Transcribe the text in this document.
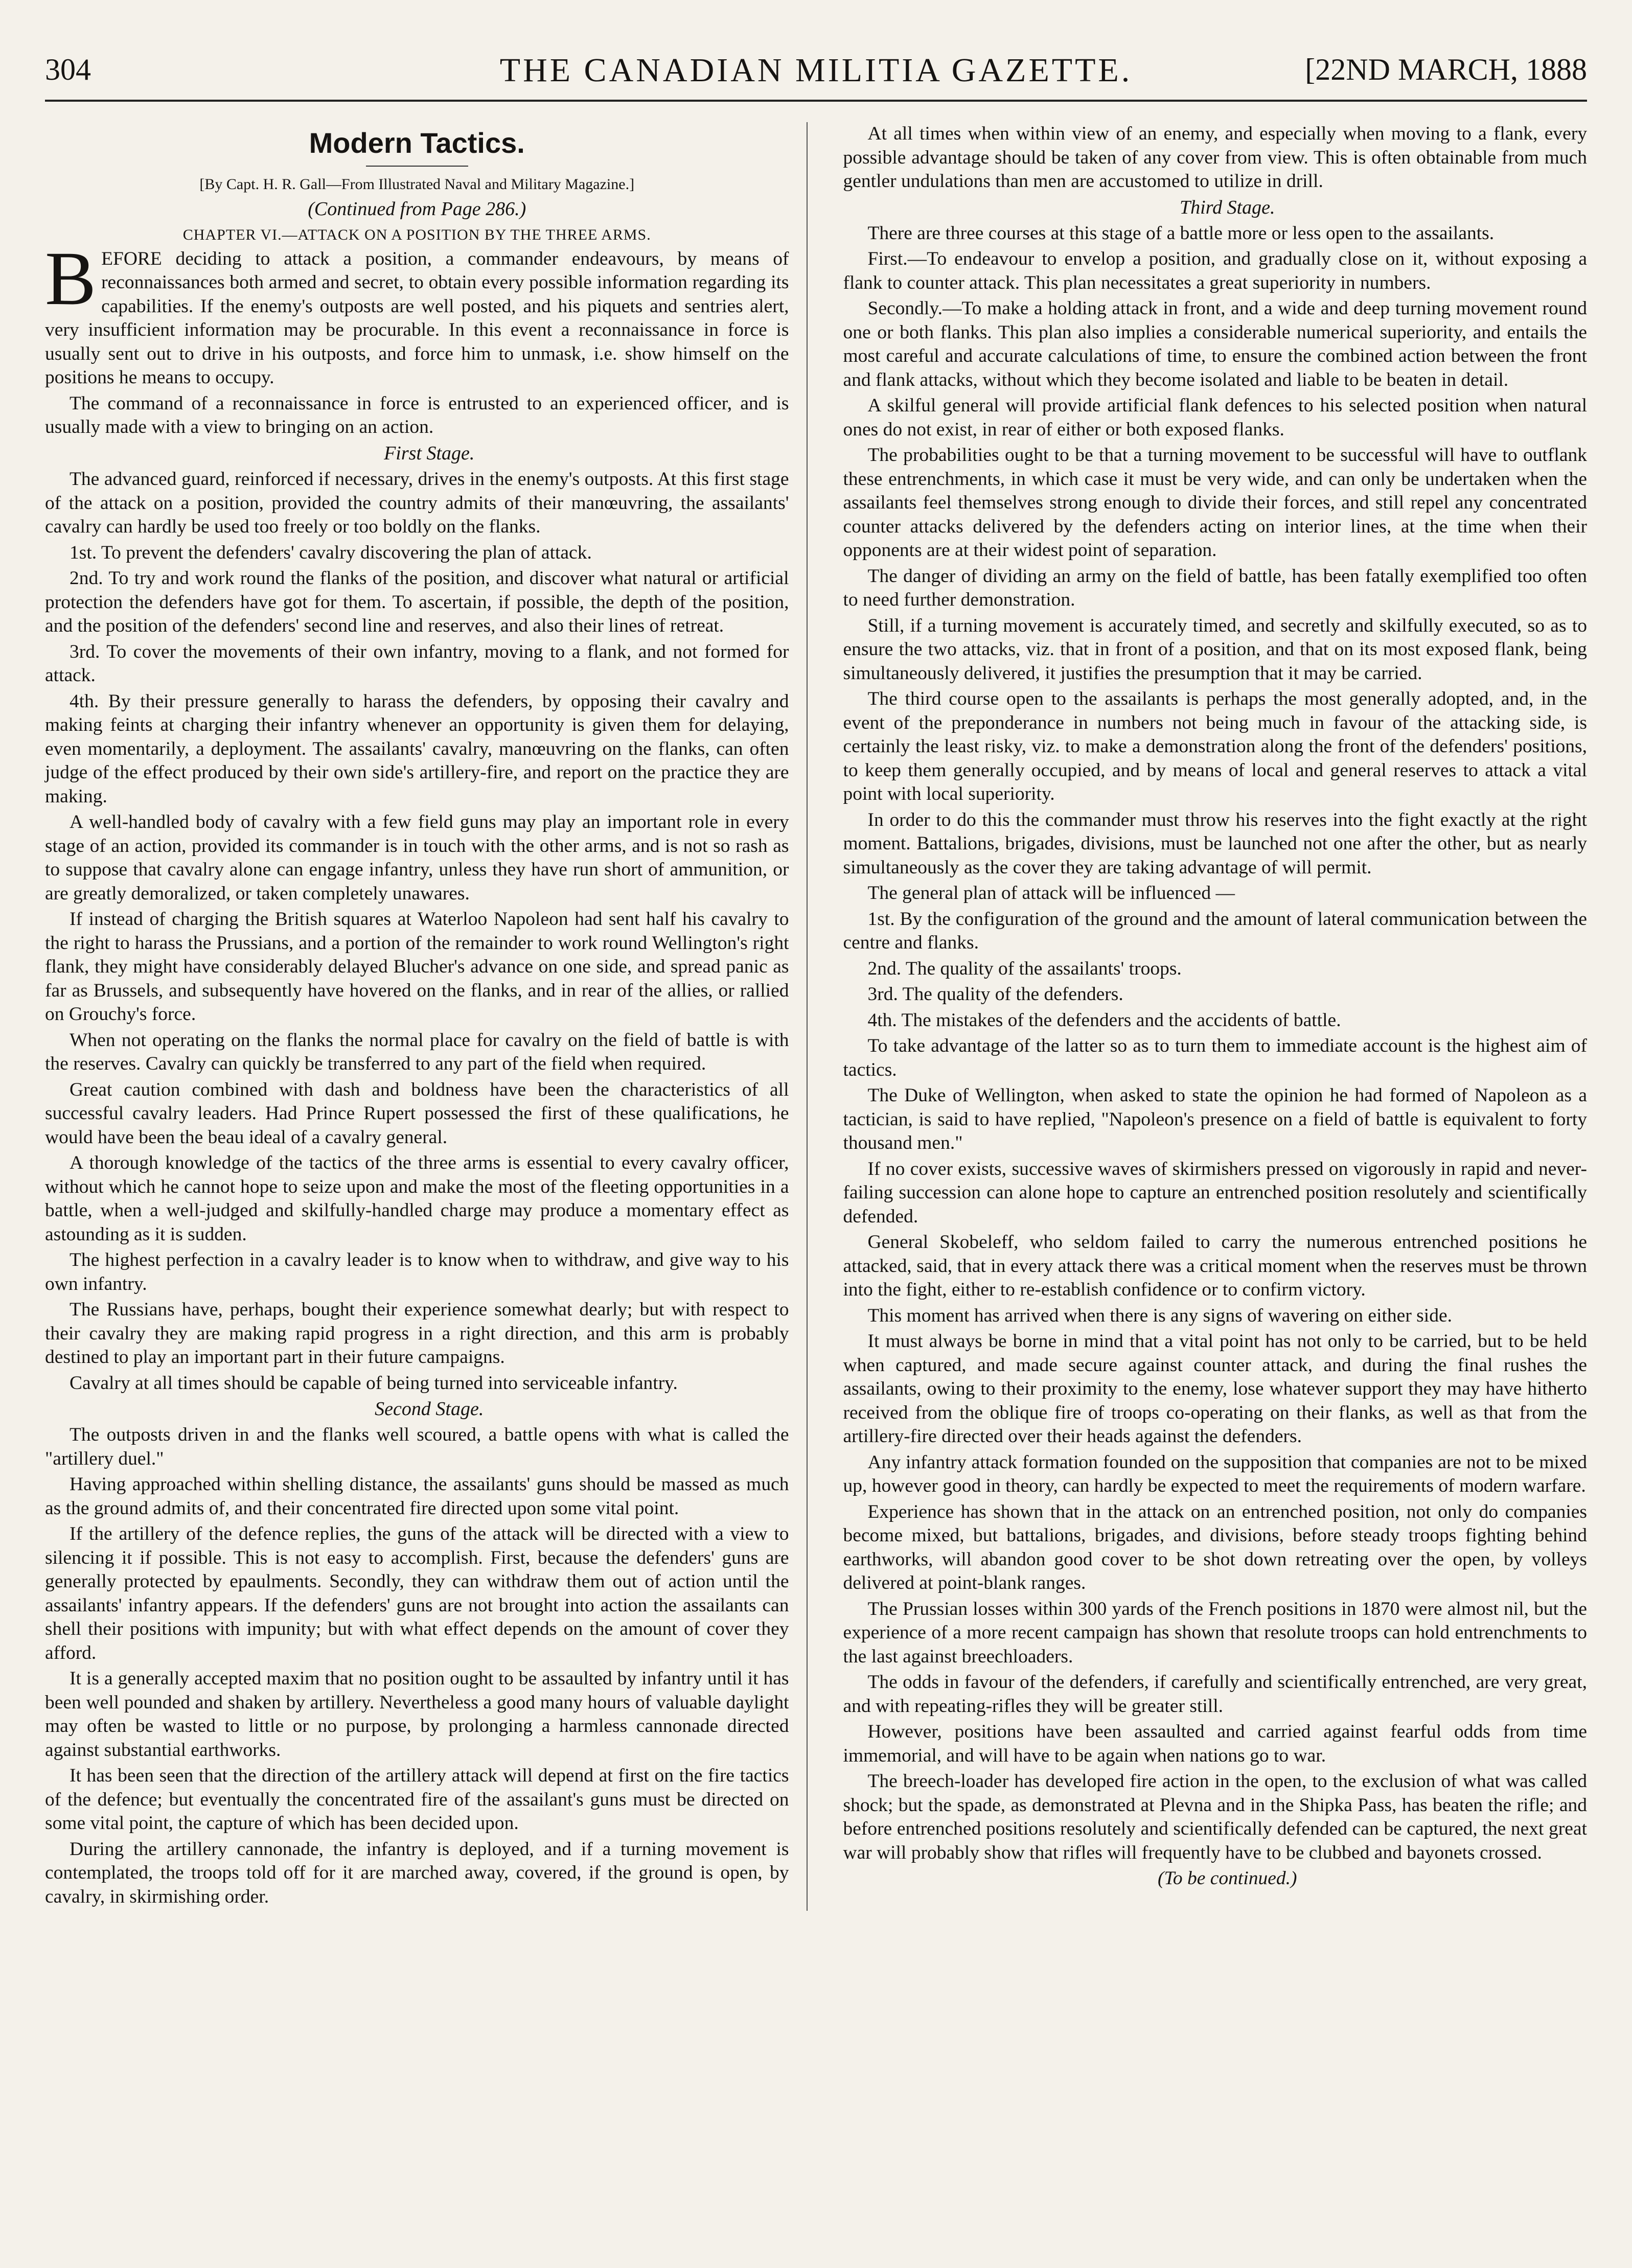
304	THE CANADIAN MILITIA GAZETTE.	[22ND MARCH, 1888
Modern Tactics.
[By Capt. H. R. Gall—From Illustrated Naval and Military Magazine.]
(Continued from Page 286.)
CHAPTER VI.—ATTACK ON A POSITION BY THE THREE ARMS.

BEFORE deciding to attack a position, a commander endeavours, by means of reconnaissances both armed and secret, to obtain every possible information regarding its capabilities. If the enemy's outposts are well posted, and his piquets and sentries alert, very insufficient information may be procurable. In this event a reconnaissance in force is usually sent out to drive in his outposts, and force him to unmask, i.e. show himself on the positions he means to occupy.

The command of a reconnaissance in force is entrusted to an experienced officer, and is usually made with a view to bringing on an action.

First Stage.

The advanced guard, reinforced if necessary, drives in the enemy's outposts. At this first stage of the attack on a position, provided the country admits of their manœuvring, the assailants' cavalry can hardly be used too freely or too boldly on the flanks.

1st. To prevent the defenders' cavalry discovering the plan of attack.

2nd. To try and work round the flanks of the position, and discover what natural or artificial protection the defenders have got for them. To ascertain, if possible, the depth of the position, and the position of the defenders' second line and reserves, and also their lines of retreat.

3rd. To cover the movements of their own infantry, moving to a flank, and not formed for attack.

4th. By their pressure generally to harass the defenders, by opposing their cavalry and making feints at charging their infantry whenever an opportunity is given them for delaying, even momentarily, a deployment. The assailants' cavalry, manœuvring on the flanks, can often judge of the effect produced by their own side's artillery-fire, and report on the practice they are making.

A well-handled body of cavalry with a few field guns may play an important role in every stage of an action, provided its commander is in touch with the other arms, and is not so rash as to suppose that cavalry alone can engage infantry, unless they have run short of ammunition, or are greatly demoralized, or taken completely unawares.

If instead of charging the British squares at Waterloo Napoleon had sent half his cavalry to the right to harass the Prussians, and a portion of the remainder to work round Wellington's right flank, they might have considerably delayed Blucher's advance on one side, and spread panic as far as Brussels, and subsequently have hovered on the flanks, and in rear of the allies, or rallied on Grouchy's force.

When not operating on the flanks the normal place for cavalry on the field of battle is with the reserves. Cavalry can quickly be transferred to any part of the field when required.

Great caution combined with dash and boldness have been the characteristics of all successful cavalry leaders. Had Prince Rupert possessed the first of these qualifications, he would have been the beau ideal of a cavalry general.

A thorough knowledge of the tactics of the three arms is essential to every cavalry officer, without which he cannot hope to seize upon and make the most of the fleeting opportunities in a battle, when a well-judged and skilfully-handled charge may produce a momentary effect as astounding as it is sudden.

The highest perfection in a cavalry leader is to know when to withdraw, and give way to his own infantry.

The Russians have, perhaps, bought their experience somewhat dearly; but with respect to their cavalry they are making rapid progress in a right direction, and this arm is probably destined to play an important part in their future campaigns.

Cavalry at all times should be capable of being turned into serviceable infantry.

Second Stage.

The outposts driven in and the flanks well scoured, a battle opens with what is called the "artillery duel."

Having approached within shelling distance, the assailants' guns should be massed as much as the ground admits of, and their concentrated fire directed upon some vital point.

If the artillery of the defence replies, the guns of the attack will be directed with a view to silencing it if possible. This is not easy to accomplish. First, because the defenders' guns are generally protected by epaulments. Secondly, they can withdraw them out of action until the assailants' infantry appears. If the defenders' guns are not brought into action the assailants can shell their positions with impunity; but with what effect depends on the amount of cover they afford.

It is a generally accepted maxim that no position ought to be assaulted by infantry until it has been well pounded and shaken by artillery. Nevertheless a good many hours of valuable daylight may often be wasted to little or no purpose, by prolonging a harmless cannonade directed against substantial earthworks.

It has been seen that the direction of the artillery attack will depend at first on the fire tactics of the defence; but eventually the concentrated fire of the assailant's guns must be directed on some vital point, the capture of which has been decided upon.

During the artillery cannonade, the infantry is deployed, and if a turning movement is contemplated, the troops told off for it are marched away, covered, if the ground is open, by cavalry, in skirmishing order.

At all times when within view of an enemy, and especially when moving to a flank, every possible advantage should be taken of any cover from view. This is often obtainable from much gentler undulations than men are accustomed to utilize in drill.

Third Stage.

There are three courses at this stage of a battle more or less open to the assailants.

First.—To endeavour to envelop a position, and gradually close on it, without exposing a flank to counter attack. This plan necessitates a great superiority in numbers.

Secondly.—To make a holding attack in front, and a wide and deep turning movement round one or both flanks. This plan also implies a considerable numerical superiority, and entails the most careful and accurate calculations of time, to ensure the combined action between the front and flank attacks, without which they become isolated and liable to be beaten in detail.

A skilful general will provide artificial flank defences to his selected position when natural ones do not exist, in rear of either or both exposed flanks.

The probabilities ought to be that a turning movement to be successful will have to outflank these entrenchments, in which case it must be very wide, and can only be undertaken when the assailants feel themselves strong enough to divide their forces, and still repel any concentrated counter attacks delivered by the defenders acting on interior lines, at the time when their opponents are at their widest point of separation.

The danger of dividing an army on the field of battle, has been fatally exemplified too often to need further demonstration.

Still, if a turning movement is accurately timed, and secretly and skilfully executed, so as to ensure the two attacks, viz. that in front of a position, and that on its most exposed flank, being simultaneously delivered, it justifies the presumption that it may be carried.

The third course open to the assailants is perhaps the most generally adopted, and, in the event of the preponderance in numbers not being much in favour of the attacking side, is certainly the least risky, viz. to make a demonstration along the front of the defenders' positions, to keep them generally occupied, and by means of local and general reserves to attack a vital point with local superiority.

In order to do this the commander must throw his reserves into the fight exactly at the right moment. Battalions, brigades, divisions, must be launched not one after the other, but as nearly simultaneously as the cover they are taking advantage of will permit.

The general plan of attack will be influenced —

1st. By the configuration of the ground and the amount of lateral communication between the centre and flanks.

2nd. The quality of the assailants' troops.

3rd. The quality of the defenders.

4th. The mistakes of the defenders and the accidents of battle.

To take advantage of the latter so as to turn them to immediate account is the highest aim of tactics.

The Duke of Wellington, when asked to state the opinion he had formed of Napoleon as a tactician, is said to have replied, "Napoleon's presence on a field of battle is equivalent to forty thousand men."

If no cover exists, successive waves of skirmishers pressed on vigorously in rapid and never-failing succession can alone hope to capture an entrenched position resolutely and scientifically defended.

General Skobeleff, who seldom failed to carry the numerous entrenched positions he attacked, said, that in every attack there was a critical moment when the reserves must be thrown into the fight, either to re-establish confidence or to confirm victory.

This moment has arrived when there is any signs of wavering on either side.

It must always be borne in mind that a vital point has not only to be carried, but to be held when captured, and made secure against counter attack, and during the final rushes the assailants, owing to their proximity to the enemy, lose whatever support they may have hitherto received from the oblique fire of troops co-operating on their flanks, as well as that from the artillery-fire directed over their heads against the defenders.

Any infantry attack formation founded on the supposition that companies are not to be mixed up, however good in theory, can hardly be expected to meet the requirements of modern warfare.

Experience has shown that in the attack on an entrenched position, not only do companies become mixed, but battalions, brigades, and divisions, before steady troops fighting behind earthworks, will abandon good cover to be shot down retreating over the open, by volleys delivered at point-blank ranges.

The Prussian losses within 300 yards of the French positions in 1870 were almost nil, but the experience of a more recent campaign has shown that resolute troops can hold entrenchments to the last against breechloaders.

The odds in favour of the defenders, if carefully and scientifically entrenched, are very great, and with repeating-rifles they will be greater still.

However, positions have been assaulted and carried against fearful odds from time immemorial, and will have to be again when nations go to war.

The breech-loader has developed fire action in the open, to the exclusion of what was called shock; but the spade, as demonstrated at Plevna and in the Shipka Pass, has beaten the rifle; and before entrenched positions resolutely and scientifically defended can be captured, the next great war will probably show that rifles will frequently have to be clubbed and bayonets crossed.

(To be continued.)
